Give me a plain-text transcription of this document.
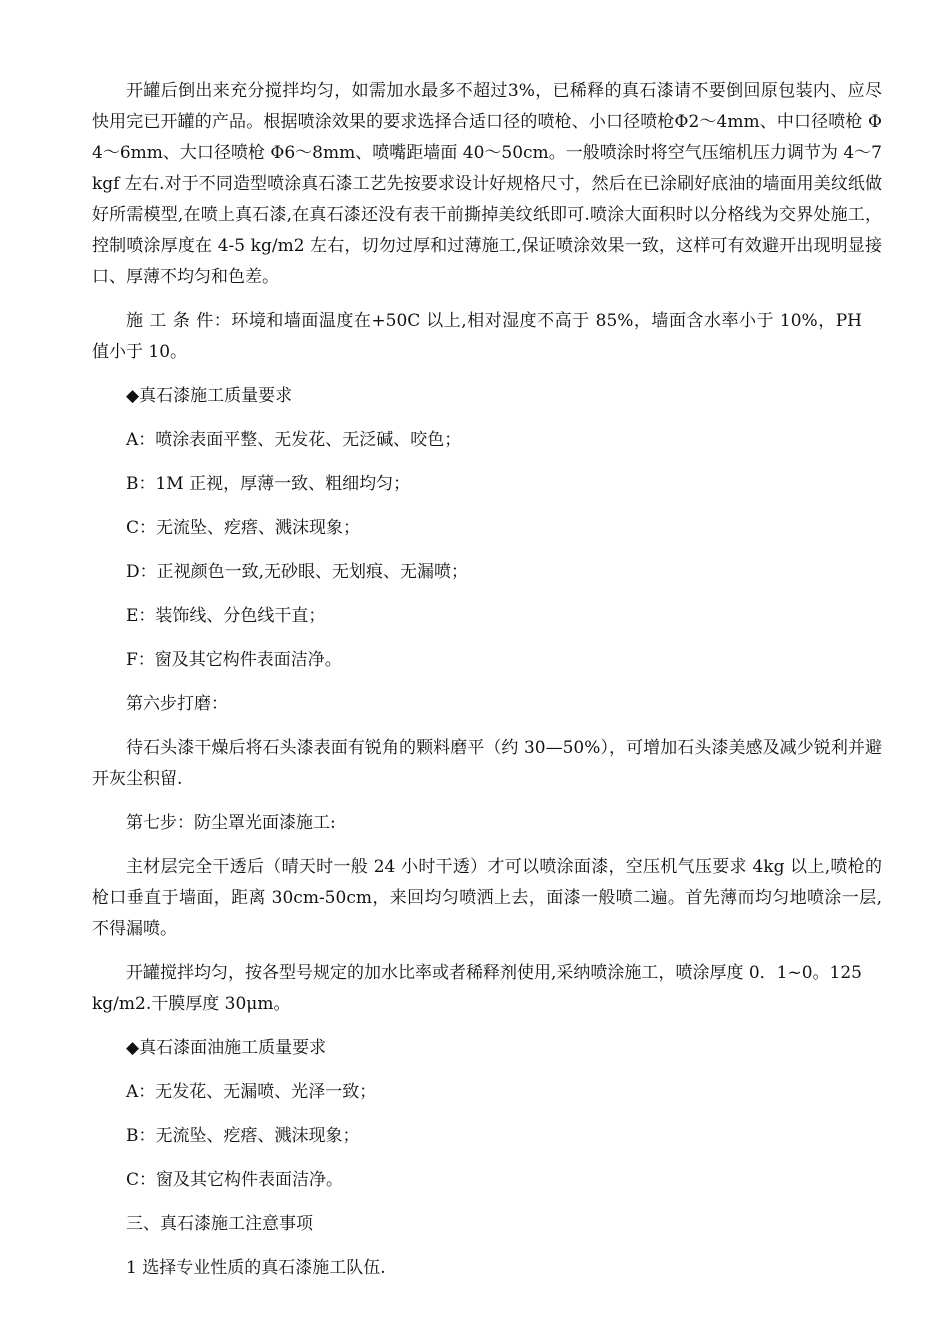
开罐后倒出来充分搅拌均匀，如需加水最多不超过3%，已稀释的真石漆请不要倒回原包装内、应尽快用完已开罐的产品。根据喷涂效果的要求选择合适口径的喷枪、小口径喷枪Φ2～4mm、中口径喷枪 Φ4～6mm、大口径喷枪 Φ6～8mm、喷嘴距墙面 40～50cm。一般喷涂时将空气压缩机压力调节为 4～7kgf 左右.对于不同造型喷涂真石漆工艺先按要求设计好规格尺寸，然后在已涂刷好底油的墙面用美纹纸做好所需模型,在喷上真石漆,在真石漆还没有表干前撕掉美纹纸即可.喷涂大面积时以分格线为交界处施工，控制喷涂厚度在 4-5 kg/m2 左右，切勿过厚和过薄施工,保证喷涂效果一致，这样可有效避开出现明显接口、厚薄不均匀和色差。

施 工 条 件：环境和墙面温度在+50C 以上,相对湿度不高于 85%，墙面含水率小于 10%，PH 值小于 10。

◆真石漆施工质量要求

A：喷涂表面平整、无发花、无泛碱、咬色；

B：1M 正视，厚薄一致、粗细均匀；

C：无流坠、疙瘩、溅沫现象；

D：正视颜色一致,无砂眼、无划痕、无漏喷；

E：装饰线、分色线干直；

F：窗及其它构件表面洁净。

第六步打磨：

待石头漆干燥后将石头漆表面有锐角的颗料磨平（约 30—50%），可增加石头漆美感及减少锐利并避开灰尘积留.

第七步：防尘罩光面漆施工:

主材层完全干透后（晴天时一般 24 小时干透）才可以喷涂面漆，空压机气压要求 4kg 以上,喷枪的枪口垂直于墙面，距离 30cm-50cm，来回均匀喷洒上去，面漆一般喷二遍。首先薄而均匀地喷涂一层,不得漏喷。

开罐搅拌均匀，按各型号规定的加水比率或者稀释剂使用,采纳喷涂施工，喷涂厚度 0．1~0。125kg/m2.干膜厚度 30μm。

◆真石漆面油施工质量要求

A：无发花、无漏喷、光泽一致；

B：无流坠、疙瘩、溅沫现象；

C：窗及其它构件表面洁净。

三、真石漆施工注意事项

1 选择专业性质的真石漆施工队伍.
